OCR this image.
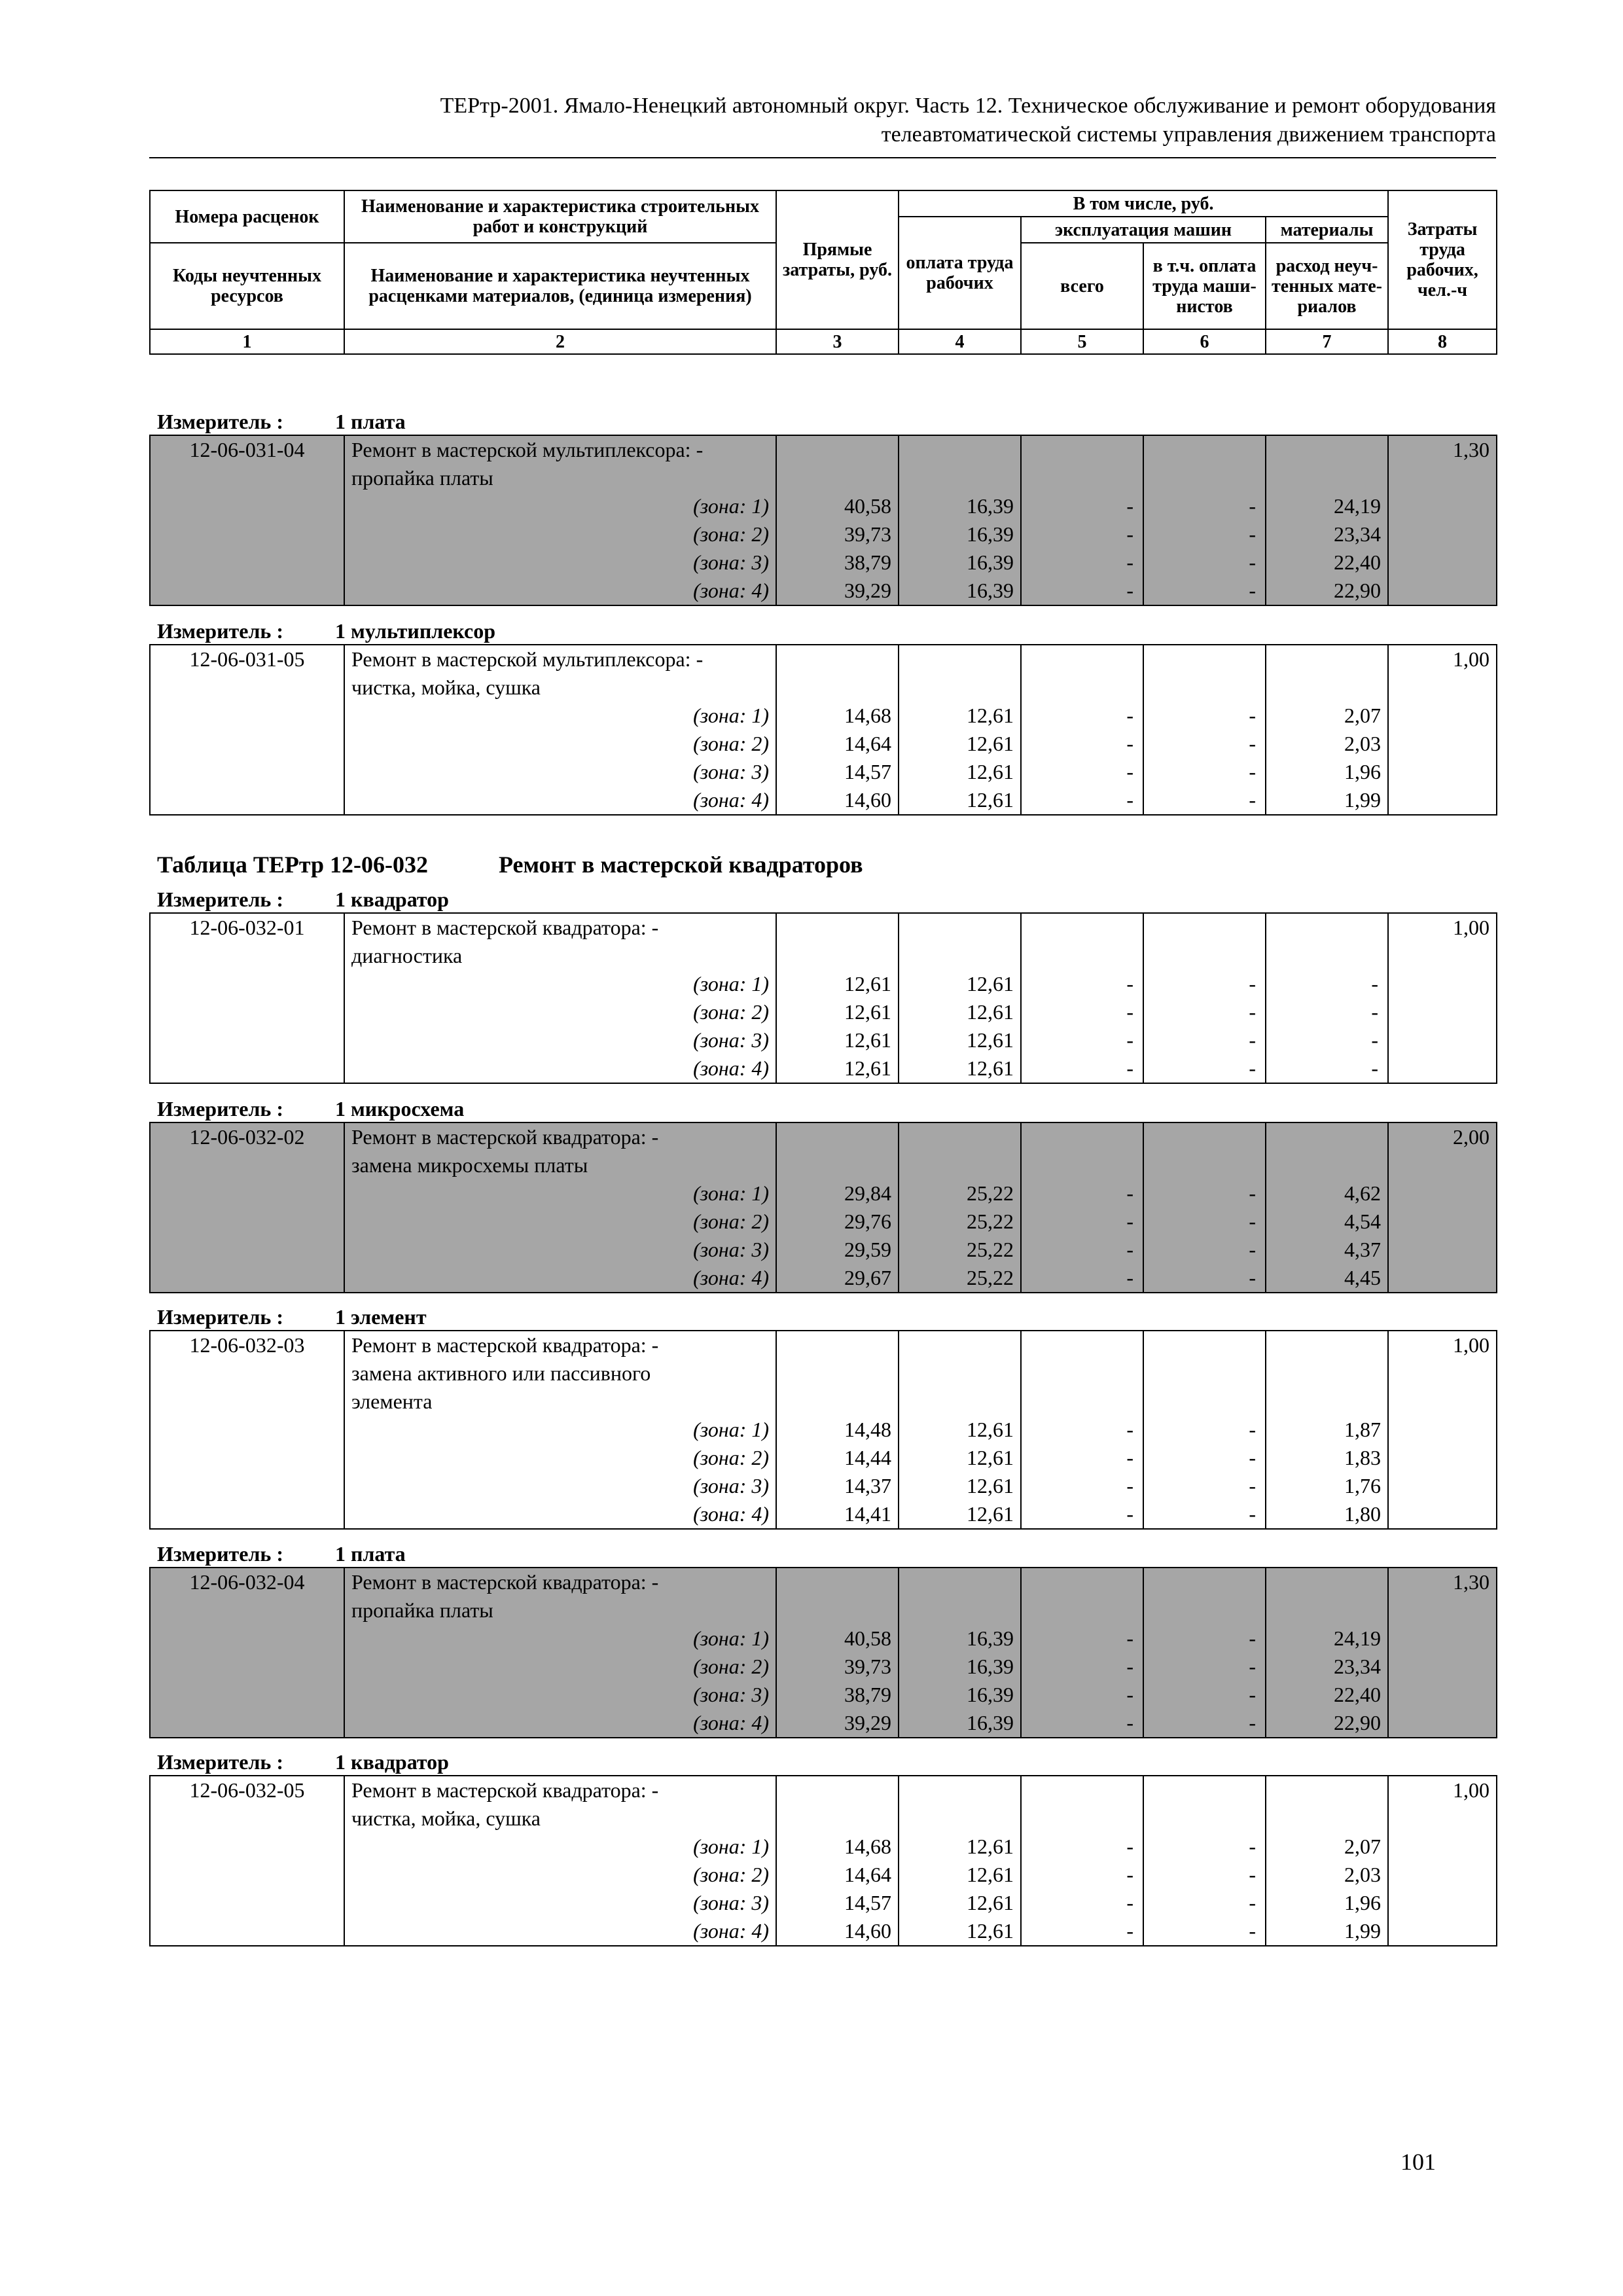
ТЕРтр-2001. Ямало-Ненецкий автономный округ. Часть 12. Техническое обслуживание и ремонт оборудования
телеавтоматической системы управления движением транспорта
Номера расценок	Наименование и характеристика строительных работ и конструкций	Прямые затраты, руб.	В том числе, руб.				Затраты труда рабочих, чел.-ч
			оплата труда рабочих	эксплуатация машин		материалы	
Коды неучтенных ресурсов	Наименование и характеристика неучтенных расценками материалов, (единица измерения)			всего	в т.ч. оплата труда маши-нистов	расход неуч-тенных мате-риалов	

1	2	3	4	5	6	7	8
Измеритель : 1 плата
Измеритель : 1 мультиплексор
Таблица ТЕРтр 12-06-032	Ремонт в мастерской квадраторов
Измеритель : 1 квадратор
Измеритель : 1 микросхема
Измеритель : 1 элемент
Измеритель : 1 плата
Измеритель : 1 квадратор
12-06-031-04	Ремонт в мастерской мультиплексора: -						1,30
	пропайка платы						
	(зона: 1)	40,58	16,39	-	-	24,19	
	(зона: 2)	39,73	16,39	-	-	23,34	
	(зона: 3)	38,79	16,39	-	-	22,40	
	(зона: 4)	39,29	16,39	-	-	22,90	
12-06-031-05	Ремонт в мастерской мультиплексора: -						1,00
	чистка, мойка, сушка						
	(зона: 1)	14,68	12,61	-	-	2,07	
	(зона: 2)	14,64	12,61	-	-	2,03	
	(зона: 3)	14,57	12,61	-	-	1,96	
	(зона: 4)	14,60	12,61	-	-	1,99	
12-06-032-01	Ремонт в мастерской квадратора: -						1,00
	диагностика						
	(зона: 1)	12,61	12,61	-	-	-	
	(зона: 2)	12,61	12,61	-	-	-	
	(зона: 3)	12,61	12,61	-	-	-	
	(зона: 4)	12,61	12,61	-	-	-	
12-06-032-02	Ремонт в мастерской квадратора: -						2,00
	замена микросхемы платы						
	(зона: 1)	29,84	25,22	-	-	4,62	
	(зона: 2)	29,76	25,22	-	-	4,54	
	(зона: 3)	29,59	25,22	-	-	4,37	
	(зона: 4)	29,67	25,22	-	-	4,45	
12-06-032-03	Ремонт в мастерской квадратора: -						1,00
	замена активного или пассивного						
	элемента						
	(зона: 1)	14,48	12,61	-	-	1,87	
	(зона: 2)	14,44	12,61	-	-	1,83	
	(зона: 3)	14,37	12,61	-	-	1,76	
	(зона: 4)	14,41	12,61	-	-	1,80	
12-06-032-04	Ремонт в мастерской квадратора: -						1,30
	пропайка платы						
	(зона: 1)	40,58	16,39	-	-	24,19	
	(зона: 2)	39,73	16,39	-	-	23,34	
	(зона: 3)	38,79	16,39	-	-	22,40	
	(зона: 4)	39,29	16,39	-	-	22,90	
12-06-032-05	Ремонт в мастерской квадратора: -						1,00
	чистка, мойка, сушка						
	(зона: 1)	14,68	12,61	-	-	2,07	
	(зона: 2)	14,64	12,61	-	-	2,03	
	(зона: 3)	14,57	12,61	-	-	1,96	
	(зона: 4)	14,60	12,61	-	-	1,99	
101
